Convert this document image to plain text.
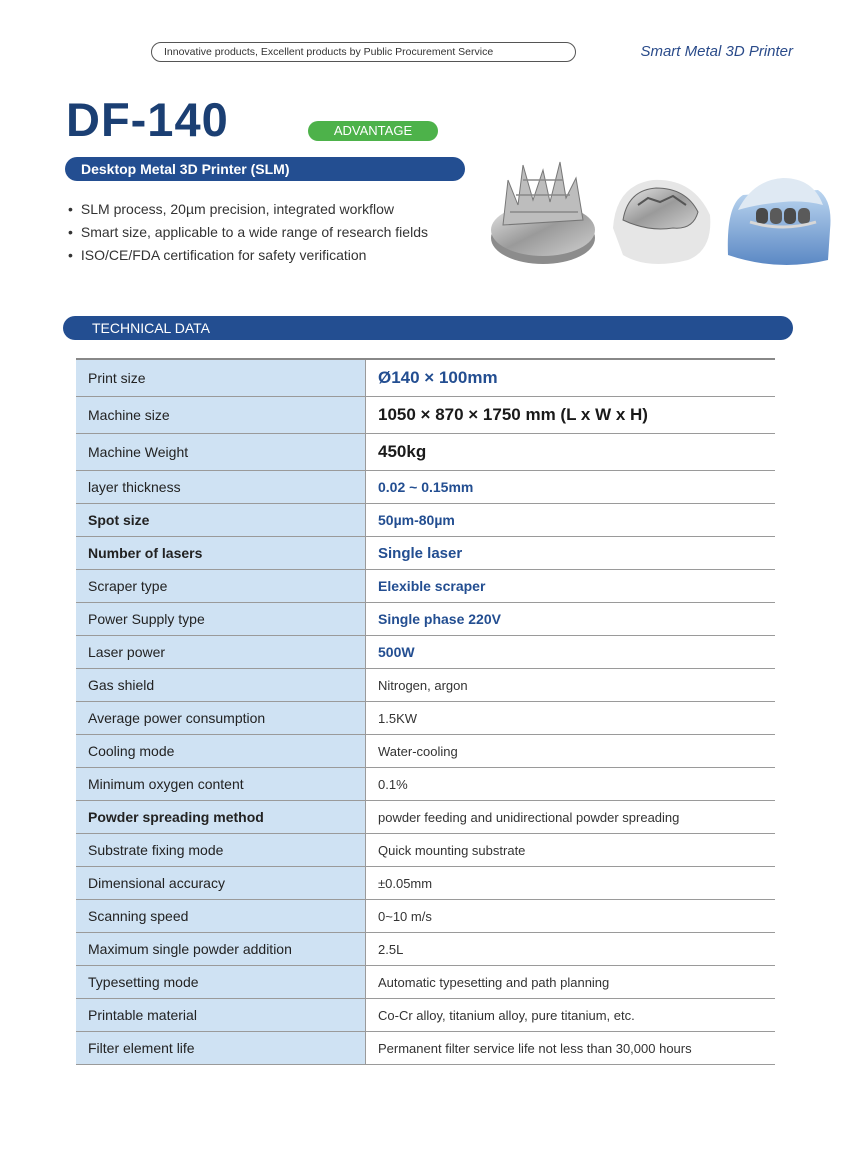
Innovative products, Excellent products by Public Procurement Service	Smart Metal 3D Printer
DF-140	ADVANTAGE
Desktop Metal 3D Printer (SLM)
• SLM process, 20µm precision, integrated workflow
• Smart size, applicable to a wide range of research fields
• ISO/CE/FDA certification for safety verification
TECHNICAL DATA
Print size	Ø140 × 100mm
Machine size	1050 × 870 × 1750 mm (L x W x H)
Machine Weight	450kg
layer thickness	0.02 ~ 0.15mm
Spot size	50µm-80µm
Number of lasers	Single laser
Scraper type	Elexible scraper
Power Supply type	Single phase 220V
Laser power	500W
Gas shield	Nitrogen, argon
Average power consumption	1.5KW
Cooling mode	Water-cooling
Minimum oxygen content	0.1%
Powder spreading method	powder feeding and unidirectional powder spreading
Substrate fixing mode	Quick mounting substrate
Dimensional accuracy	±0.05mm
Scanning speed	0~10 m/s
Maximum single powder addition	2.5L
Typesetting mode	Automatic typesetting and path planning
Printable material	Co-Cr alloy, titanium alloy, pure titanium, etc.
Filter element life	Permanent filter service life not less than 30,000 hours
